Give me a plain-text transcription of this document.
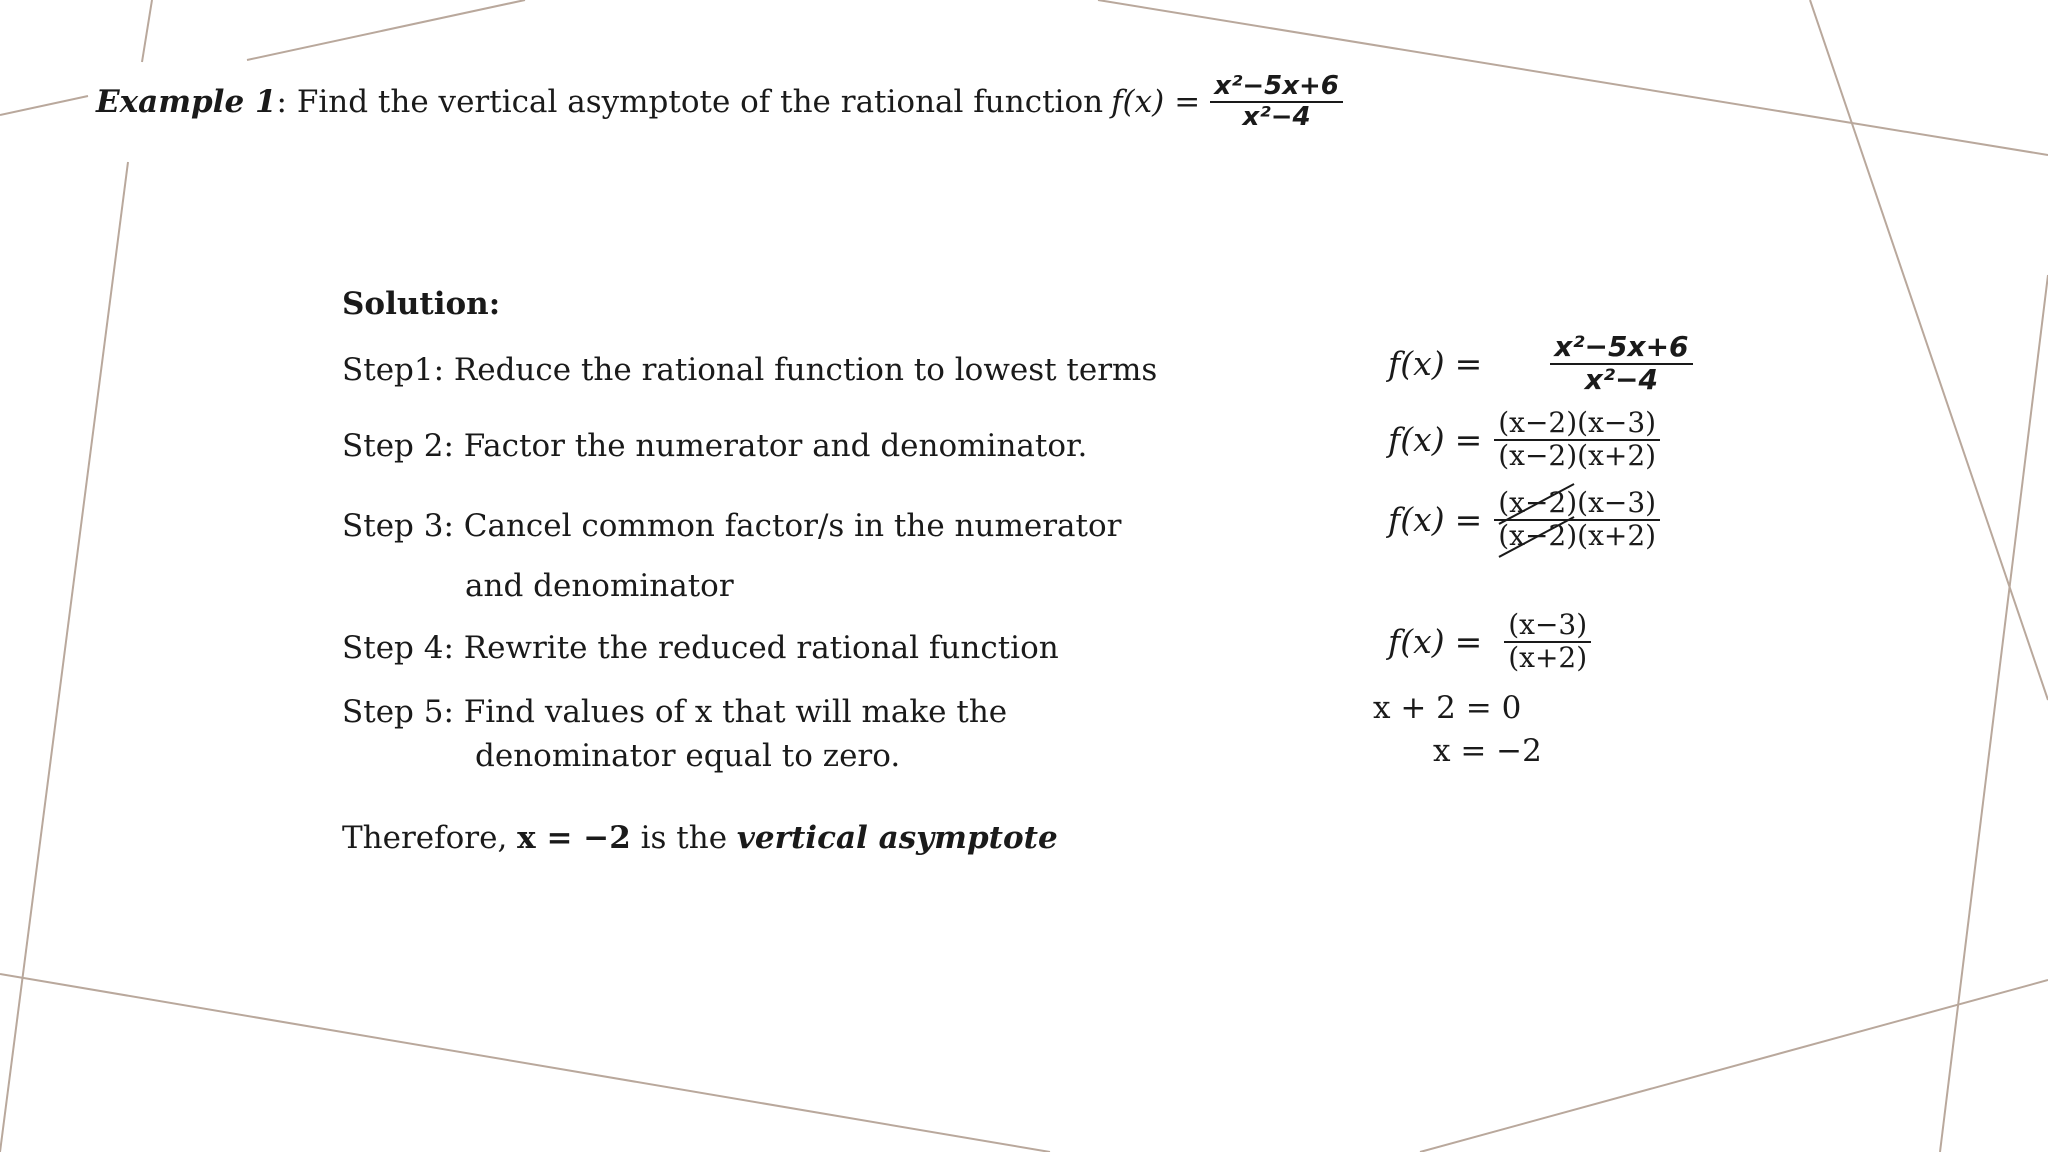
Example 1 : Find the vertical asymptote of the rational function $f(x) = \frac{\text{x²−5x+6}}{\text{x²−4}}$
Solution:
Step1: Reduce the rational function to lowest terms
Step 2: Factor the numerator and denominator.
Step 3: Cancel common factor/s in the numerator
and denominator
Step 4: Rewrite the reduced rational function
Step 5: Find values of x that will make the
denominator equal to zero.
$f(x) = \frac{\text{x²−5x+6}}{\text{x²−4}}$
$f(x) = \frac{(x-2)(x-3)}{(x-2)(x+2)}$
$f(x) = \frac{(x-2)(x-3)}{(x-2)(x+2)}$
$f(x) = \frac{(x-3)}{(x+2)}$
x + 2 = 0
x = −2
Therefore, x = −2 is the vertical asymptote
